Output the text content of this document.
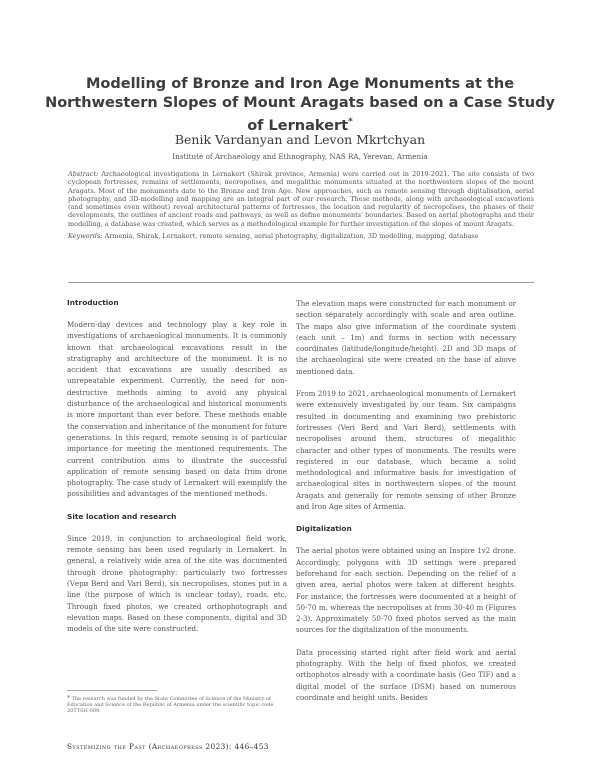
Modelling of Bronze and Iron Age Monuments at the Northwestern Slopes of Mount Aragats based on a Case Study of Lernakert*
Benik Vardanyan and Levon Mkrtchyan
Institute of Archaeology and Ethnography, NAS RA, Yerevan, Armenia
Abstract: Archaeological investigations in Lernakert (Shirak province, Armenia) were carried out in 2019-2021. The site consists of two cyclopean fortresses, remains of settlements, necropolises, and megalithic monuments situated at the northwestern slopes of the mount Aragats. Most of the monuments date to the Bronze and Iron Age. New approaches, such as remote sensing through digitalisation, aerial photography, and 3D-modelling and mapping are an integral part of our research. These methods, along with archaeological excavations (and sometimes even without) reveal architectural patterns of fortresses, the location and regularity of necropolises, the phases of their developments, the outlines of ancient roads and pathways, as well as define monuments' boundaries. Based on aerial photographs and their modelling, a database was created, which serves as a methodological example for further investigation of the slopes of mount Aragats.
Keywords: Armenia, Shirak, Lernakert, remote sensing, aerial photography, digitalization, 3D modelling, mapping, database
Introduction

Modern-day devices and technology play a key role in investigations of archaeological monuments. It is commonly known that archaeological excavations result in the stratigraphy and architecture of the monument. It is no accident that excavations are usually described as unrepeatable experiment. Currently, the need for non-destructive methods aiming to avoid any physical disturbance of the archaeological and historical monuments is more important than ever before. These methods enable the conservation and inheritance of the monument for future generations. In this regard, remote sensing is of particular importance for meeting the mentioned requirements. The current contribution aims to illustrate the successful application of remote sensing based on data from drone photography. The case study of Lernakert will exemplify the possibilities and advantages of the mentioned methods.

Site location and research

Since 2019, in conjunction to archaeological field work, remote sensing has been used regularly in Lernakert. In general, a relatively wide area of the site was documented through drone photography: particularly two fortresses (Vери Berd and Vari Berd), six necropolises, stones put in a line (the purpose of which is unclear today), roads, etc. Through fixed photos, we created orthophotograph and elevation maps. Based on these components, digital and 3D models of the site were constructed.

The elevation maps were constructed for each monument or section separately accordingly with scale and area outline. The maps also give information of the coordinate system (each unit – 1m) and forms in section with necessary coordinates (latitude/longitude/height). 2D and 3D maps of the archaeological site were created on the base of above mentioned data.

From 2019 to 2021, archaeological monuments of Lernakert were extensively investigated by our team. Six campaigns resulted in documenting and examining two prehistoric fortresses (Veri Berd and Vari Berd), settlements with necropolises around them, structures of megalithic character and other types of monuments. The results were registered in our database, which became a solid methodological and informative basis for investigation of archaeological sites in northwestern slopes of the mount Aragats and generally for remote sensing of other Bronze and Iron Age sites of Armenia.

Digitalization

The aerial photos were obtained using an Inspire 1v2 drone. Accordingly, polygons with 3D settings were prepared beforehand for each section. Depending on the relief of a given area, aerial photos were taken at different heights. For instance, the fortresses were documented at a height of 50-70 m, whereas the necropolises at from 30-40 m (Figures 2-3). Approximately 50-70 fixed photos served as the main sources for the digitalization of the monuments.

Data processing started right after field work and aerial photography. With the help of fixed photos, we created orthophotos already with a coordinate basis (Geo TIF) and a digital model of the surface (DSM) based on numerous coordinate and height units. Besides

* The research was funded by the State Committee of Science of the Ministry of Education and Science of the Republic of Armenia under the scientific topic code 20TTSH-009.
Systemizing the Past (Archaeopress 2023): 446–453
